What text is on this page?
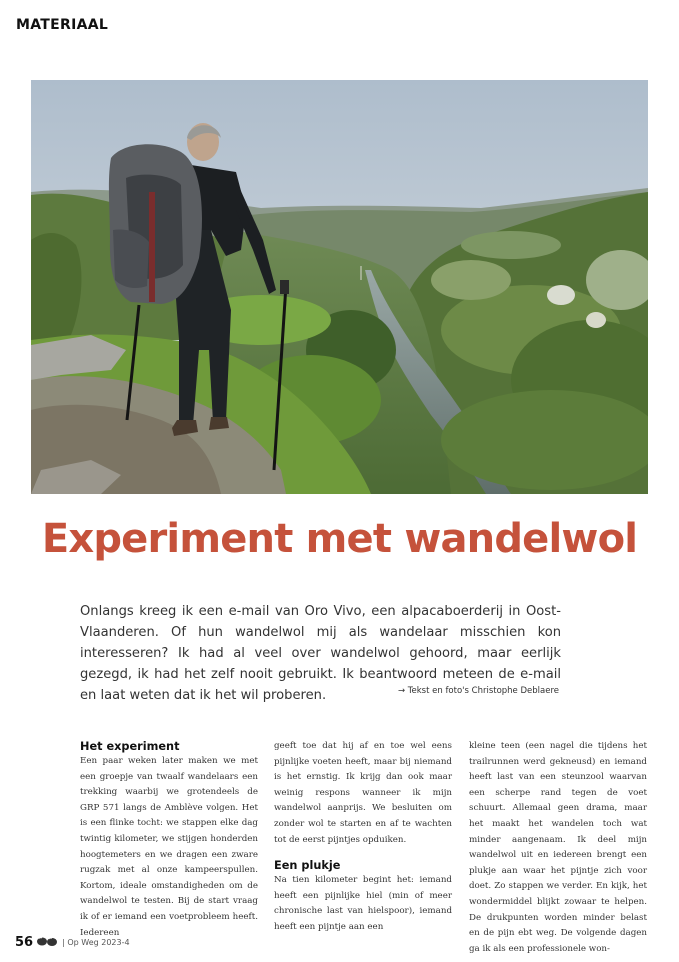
MATERIAAL
Experiment met wandelwol

Onlangs kreeg ik een e-mail van Oro Vivo, een alpacaboerderij in Oost-Vlaanderen. Of hun wandelwol mij als wandelaar misschien kon interesseren? Ik had al veel over wandelwol gehoord, maar eerlijk gezegd, ik had het zelf nooit gebruikt. Ik beantwoord meteen de e-mail en laat weten dat ik het wil proberen.	→ Tekst en foto's Christophe Deblaere
Het experiment

Een paar weken later maken we met een groepje van twaalf wandelaars een trekking waarbij we grotendeels de GRP 571 langs de Amblève volgen. Het is een flinke tocht: we stappen elke dag twintig kilometer, we stijgen honderden hoogtemeters en we dragen een zware rugzak met al onze kampeerspullen. Kortom, ideale omstandigheden om de wandelwol te testen. Bij de start vraag ik of er iemand een voetprobleem heeft. Iedereen

geeft toe dat hij af en toe wel eens pijnlijke voeten heeft, maar bij niemand is het ernstig. Ik krijg dan ook maar weinig respons wanneer ik mijn wandelwol aanprijs. We besluiten om zonder wol te starten en af te wachten tot de eerst pijntjes opduiken.

Een plukje

Na tien kilometer begint het: iemand heeft een pijnlijke hiel (min of meer chronische last van hielspoor), iemand heeft een pijntje aan een

kleine teen (een nagel die tijdens het trailrunnen werd gekneusd) en iemand heeft last van een steunzool waarvan een scherpe rand tegen de voet schuurt. Allemaal geen drama, maar het maakt het wandelen toch wat minder aangenaam. Ik deel mijn wandelwol uit en iedereen brengt een plukje aan waar het pijntje zich voor doet. Zo stappen we verder. En kijk, het wondermiddel blijkt zowaar te helpen. De drukpunten worden minder belast en de pijn ebt weg. De volgende dagen ga ik als een professionele won-

56	| Op Weg 2023-4
